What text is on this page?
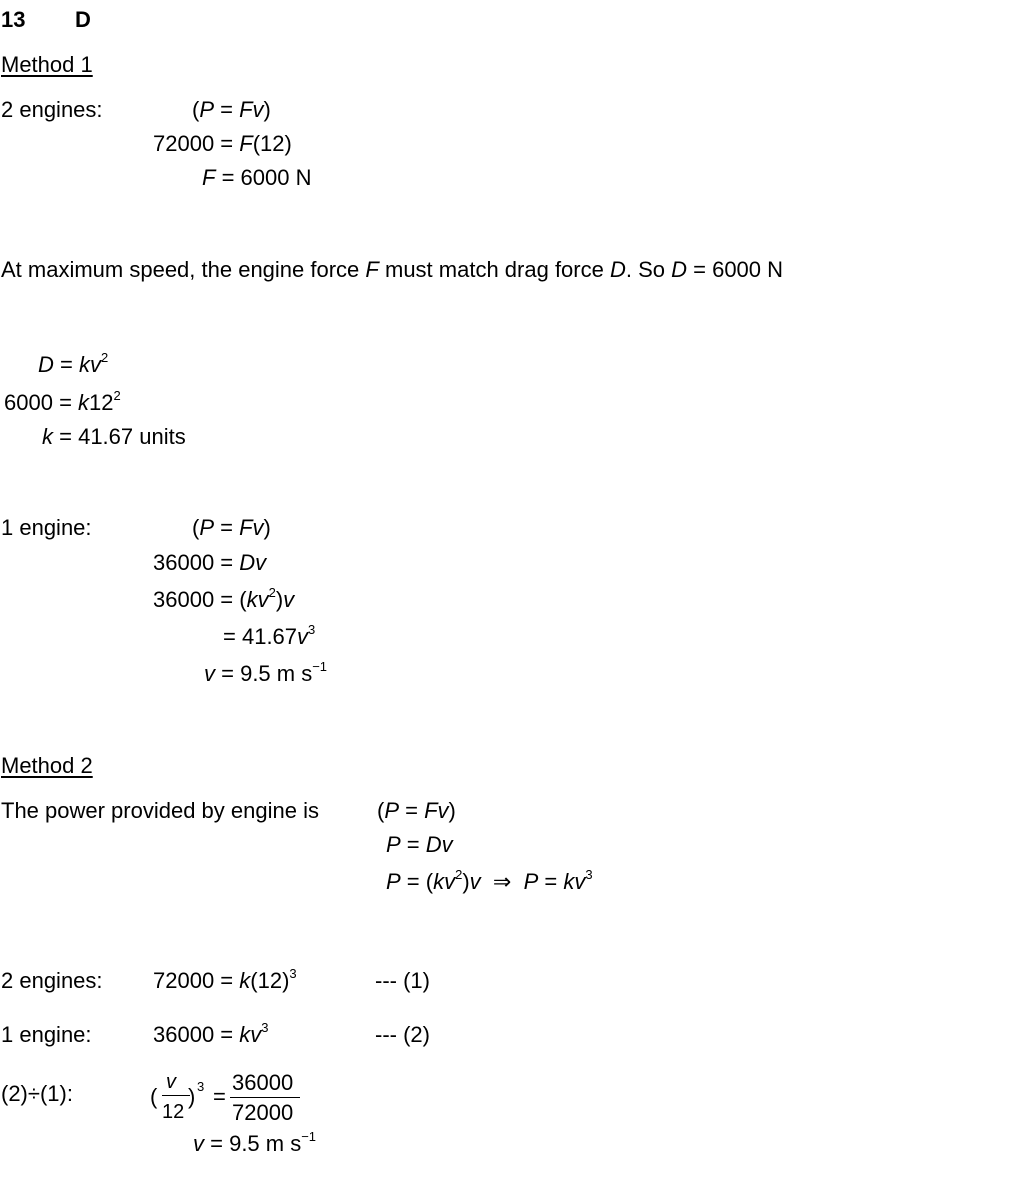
13 D
Method 1
2 engines:	(P = Fv)
72000 = F(12)
F = 6000 N
At maximum speed, the engine force F must match drag force D. So D = 6000 N
$D = kv^2$
$6000 = k12^2$
k = 41.67 units
1 engine:	(P = Fv)
36000 = Dv
$36000 = (kv^2)v$
= $41.67v^3$
v = 9.5 m $s^{-1}$
Method 2
The power provided by engine is	(P = Fv)
P = Dv
$P = (kv^2)v$ ⇒ $P = kv^3$
2 engines: $72000 = k(12)^3$	--- (1)
1 engine:	$36000 = kv^3$	--- (2)
(2)÷(1):	(
v
12
) 3 =
36000
72000
v = 9.5 m $s^{-1}$
